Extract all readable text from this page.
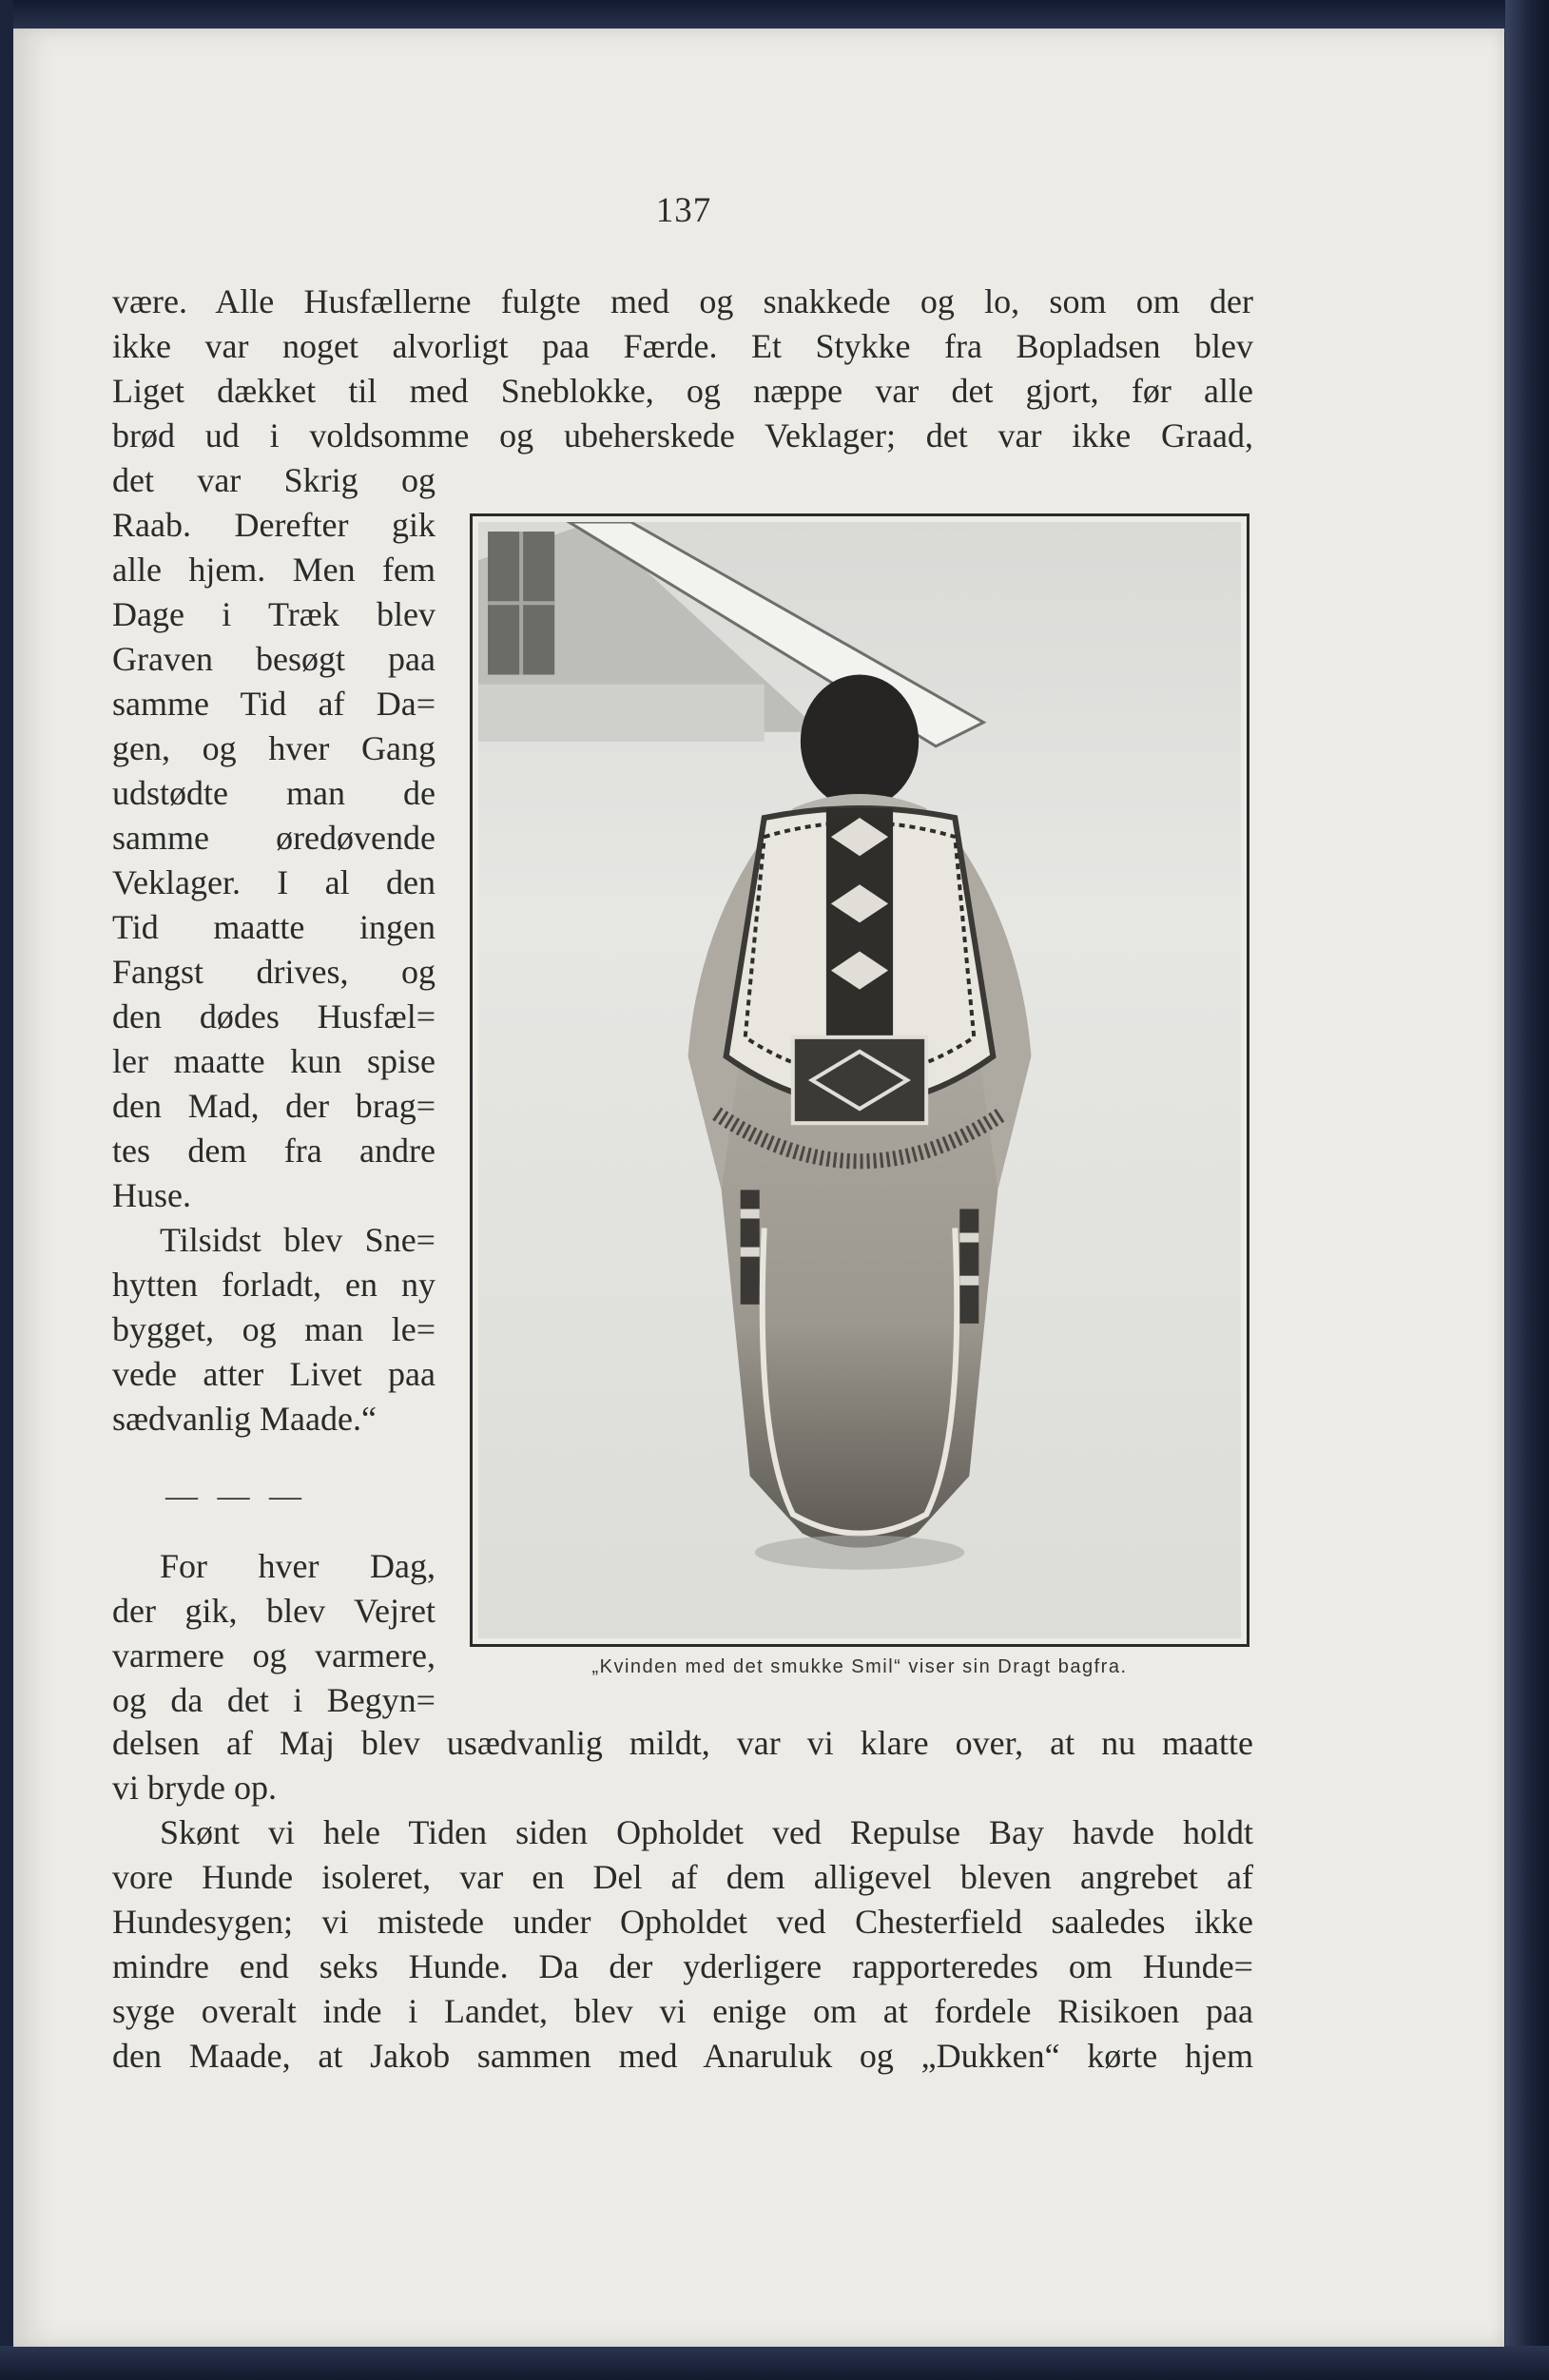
137
være. Alle Husfællerne fulgte med og snakkede og lo, som om der
ikke var noget alvorligt paa Færde. Et Stykke fra Bopladsen blev
Liget dækket til med Sneblokke, og næppe var det gjort, før alle
brød ud i voldsomme og ubeherskede Veklager; det var ikke Graad,
det var Skrig og
Raab. Derefter gik
alle hjem. Men fem
Dage i Træk blev
Graven besøgt paa
samme Tid af Da=
gen, og hver Gang
udstødte man de
samme øredøvende
Veklager. I al den
Tid maatte ingen
Fangst drives, og
den dødes Husfæl=
ler maatte kun spise
den Mad, der brag=
tes dem fra andre
Huse.
Tilsidst blev Sne=
hytten forladt, en ny
bygget, og man le=
vede atter Livet paa
sædvanlig Maade.“
— — —
For hver Dag,
der gik, blev Vejret
varmere og varmere,
og da det i Begyn=
delsen af Maj blev usædvanlig mildt, var vi klare over, at nu maatte
vi bryde op.
Skønt vi hele Tiden siden Opholdet ved Repulse Bay havde holdt
vore Hunde isoleret, var en Del af dem alligevel bleven angrebet af
Hundesygen; vi mistede under Opholdet ved Chesterfield saaledes ikke
mindre end seks Hunde. Da der yderligere rapporteredes om Hunde=
syge overalt inde i Landet, blev vi enige om at fordele Risikoen paa
den Maade, at Jakob sammen med Anaruluk og „Dukken“ kørte hjem
„Kvinden med det smukke Smil“ viser sin Dragt bagfra.
